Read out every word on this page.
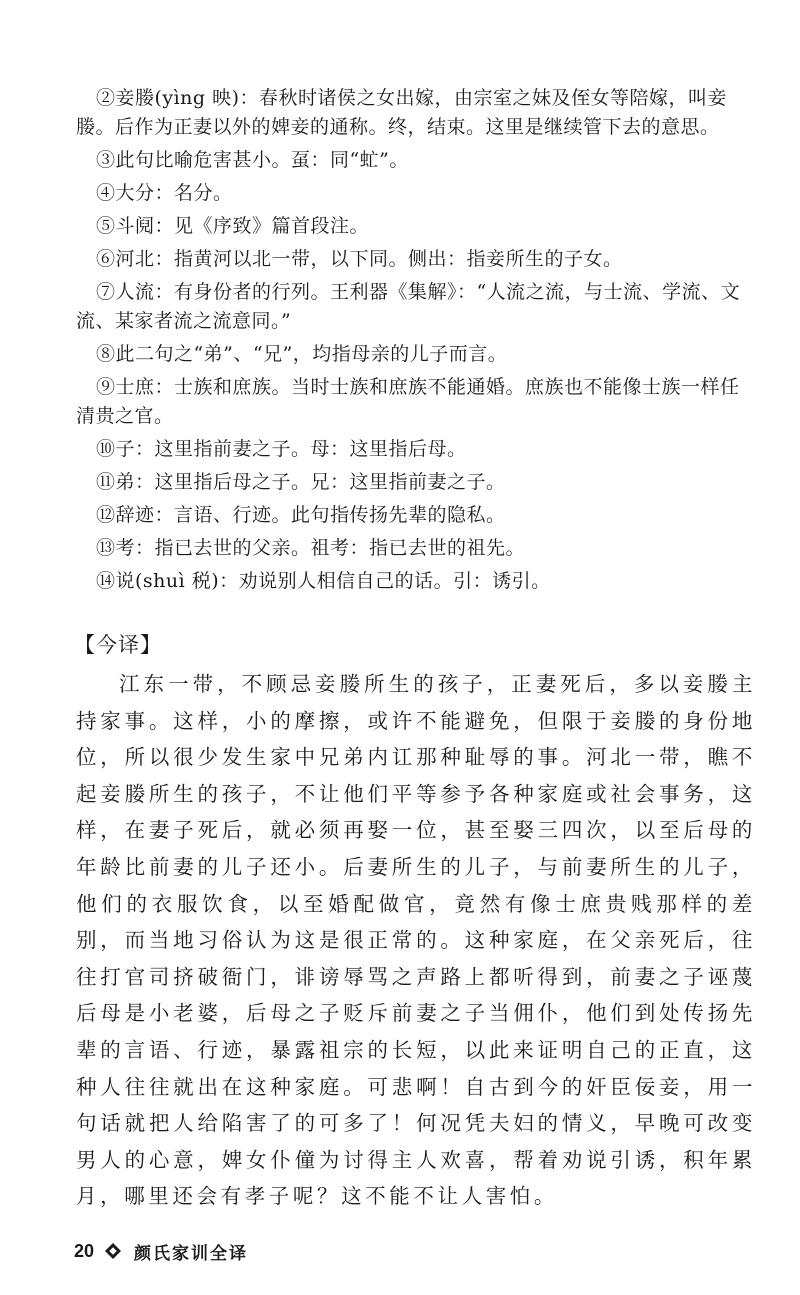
②妾媵(yìng 映)：春秋时诸侯之女出嫁，由宗室之妹及侄女等陪嫁，叫妾媵。后作为正妻以外的婢妾的通称。终，结束。这里是继续管下去的意思。

③此句比喻危害甚小。虿：同“虻”。

④大分：名分。

⑤斗阋：见《序致》篇首段注。

⑥河北：指黄河以北一带，以下同。侧出：指妾所生的子女。

⑦人流：有身份者的行列。王利器《集解》：“人流之流，与士流、学流、文流、某家者流之流意同。”

⑧此二句之“弟”、“兄”，均指母亲的儿子而言。

⑨士庶：士族和庶族。当时士族和庶族不能通婚。庶族也不能像士族一样任清贵之官。

⑩子：这里指前妻之子。母：这里指后母。

⑪弟：这里指后母之子。兄：这里指前妻之子。

⑫辞迹：言语、行迹。此句指传扬先辈的隐私。

⑬考：指已去世的父亲。祖考：指已去世的祖先。

⑭说(shuì 税)：劝说别人相信自己的话。引：诱引。

【今译】

江东一带，不顾忌妾媵所生的孩子，正妻死后，多以妾媵主持家事。这样，小的摩擦，或许不能避免，但限于妾媵的身份地位，所以很少发生家中兄弟内讧那种耻辱的事。河北一带，瞧不起妾媵所生的孩子，不让他们平等参予各种家庭或社会事务，这样，在妻子死后，就必须再娶一位，甚至娶三四次，以至后母的年龄比前妻的儿子还小。后妻所生的儿子，与前妻所生的儿子，他们的衣服饮食，以至婚配做官，竟然有像士庶贵贱那样的差别，而当地习俗认为这是很正常的。这种家庭，在父亲死后，往往打官司挤破衙门，诽谤辱骂之声路上都听得到，前妻之子诬蔑后母是小老婆，后母之子贬斥前妻之子当佣仆，他们到处传扬先辈的言语、行迹，暴露祖宗的长短，以此来证明自己的正直，这种人往往就出在这种家庭。可悲啊！自古到今的奸臣佞妾，用一句话就把人给陷害了的可多了！何况凭夫妇的情义，早晚可改变男人的心意，婢女仆僮为讨得主人欢喜，帮着劝说引诱，积年累月，哪里还会有孝子呢？这不能不让人害怕。

20 颜氏家训全译
